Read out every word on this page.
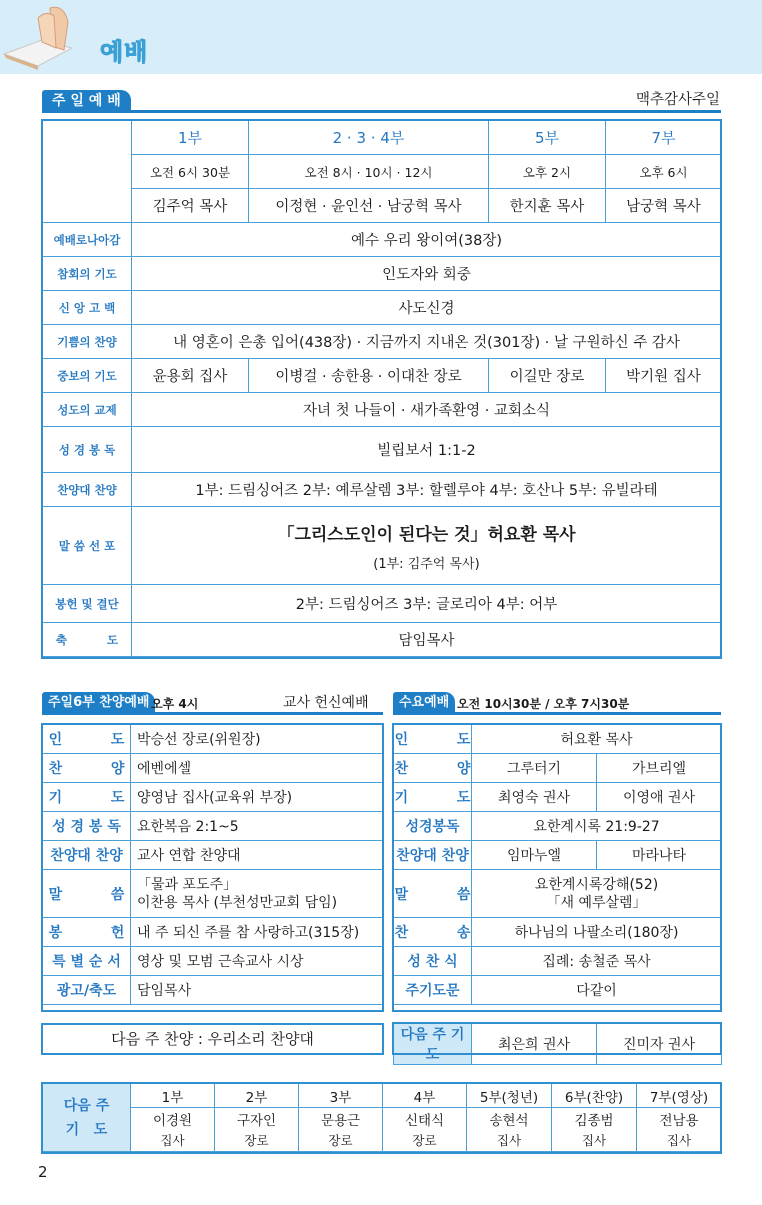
예배
주 일 예 배	맥추감사주일
	1부	2 · 3 · 4부	5부	7부
	오전 6시 30분	오전 8시 · 10시 · 12시	오후 2시	오후 6시
	김주억 목사	이정현 · 윤인선 · 남궁혁 목사	한지훈 목사	남궁혁 목사
예배로나아감	예수 우리 왕이여(38장)			
참회의 기도	인도자와 회중			
신 앙 고 백	사도신경			
기쁨의 찬양	내 영혼이 은총 입어(438장) · 지금까지 지내온 것(301장) · 날 구원하신 주 감사			
중보의 기도	윤용회 집사	이병걸 · 송한용 · 이대찬 장로	이길만 장로	박기원 집사
성도의 교제	자녀 첫 나들이 · 새가족환영 · 교회소식			
성 경 봉 독	빌립보서 1:1-2			
찬양대 찬양	1부: 드림싱어즈 2부: 예루살렘 3부: 할렐루야 4부: 호산나 5부: 유빌라테			
말 씀 선 포	「그리스도인이 된다는 것」허요환 목사
(1부: 김주억 목사)			

봉헌 및 결단	2부: 드림싱어즈 3부: 글로리아 4부: 어부			
축          도	담임목사			
주일6부 찬양예배 오후 4시	교사 헌신예배
인          도	박승선 장로(위원장)
찬          양	에벤에셀
기          도	양영남 집사(교육위 부장)
성 경 봉 독	요한복음 2:1~5
찬양대 찬양	교사 연합 찬양대
말          씀	「물과 포도주」
이찬용 목사 (부천성만교회 담임)

봉          헌	내 주 되신 주를 참 사랑하고(315장)
특 별 순 서	영상 및 모범 근속교사 시상
광고/축도	담임목사
다음 주 찬양 : 우리소리 찬양대
수요예배 오전 10시30분 / 오후 7시30분
인          도	허요환 목사	
찬          양	그루터기	가브리엘
기          도	최영숙 권사	이영애 권사
성경봉독	요한계시록 21:9-27	
찬양대 찬양	임마누엘	마라나타
말          씀	요한계시록강해(52)
「새 예루살렘」	

찬          송	하나님의 나팔소리(180장)	
성 찬 식	집례: 송철준 목사	
주기도문	다같이	
다음 주 기도	최은희 권사	진미자 권사
다음 주
기   도	1부	2부	3부	4부	5부(청년)	6부(찬양)	7부(영상)
	이경원	구자인	문용근	신태식	송현석	김종범	전남용
	집사	장로	장로	장로	집사	집사	집사
2
